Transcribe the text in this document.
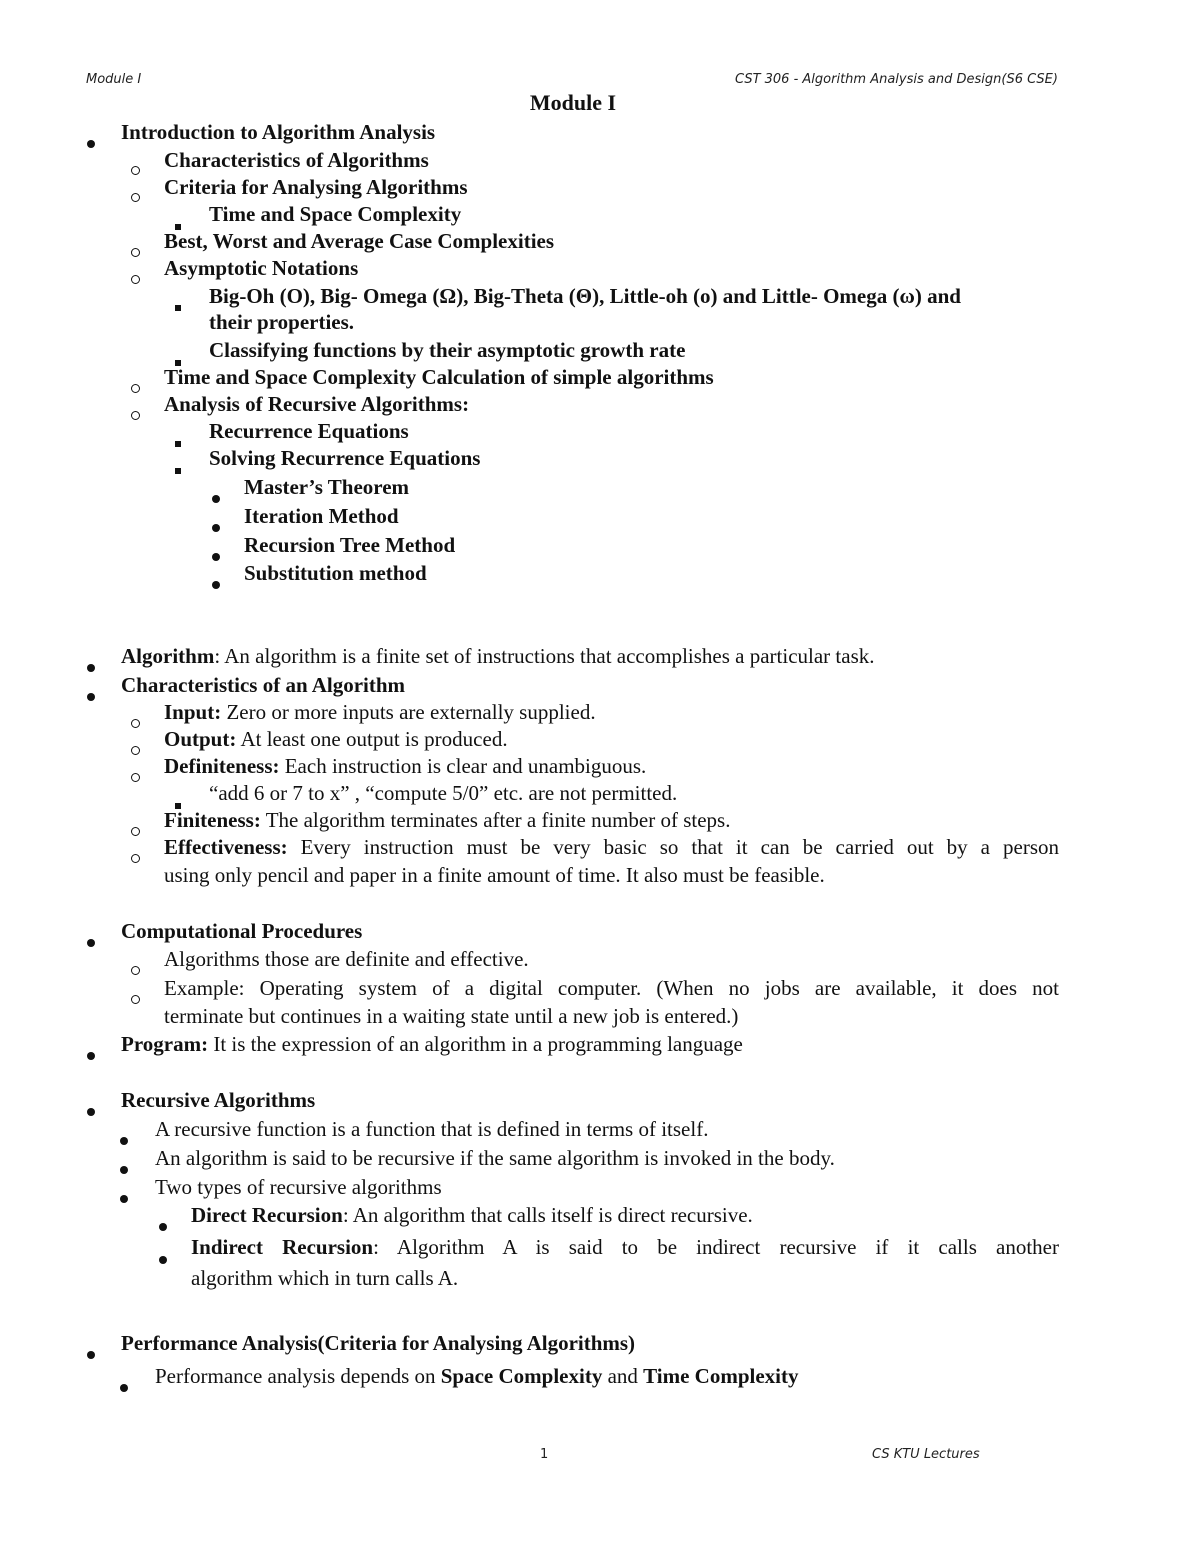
Module I	CST 306 - Algorithm Analysis and Design(S6 CSE)
Module I
Introduction to Algorithm Analysis
Characteristics of Algorithms
Criteria for Analysing Algorithms
Time and Space Complexity
Best, Worst and Average Case Complexities
Asymptotic Notations
Big-Oh (O), Big- Omega (Ω), Big-Theta (Θ), Little-oh (o) and Little- Omega (ω) and
their properties.
Classifying functions by their asymptotic growth rate
Time and Space Complexity Calculation of simple algorithms
Analysis of Recursive Algorithms:
Recurrence Equations
Solving Recurrence Equations
Master’s Theorem
Iteration Method
Recursion Tree Method
Substitution method
Algorithm: An algorithm is a finite set of instructions that accomplishes a particular task.
Characteristics of an Algorithm
Input: Zero or more inputs are externally supplied.
Output: At least one output is produced.
Definiteness: Each instruction is clear and unambiguous.
“add 6 or 7 to x” , “compute 5/0” etc. are not permitted.
Finiteness: The algorithm terminates after a finite number of steps.
Effectiveness: Every instruction must be very basic so that it can be carried out by a person
using only pencil and paper in a finite amount of time. It also must be feasible.
Computational Procedures
Algorithms those are definite and effective.
Example: Operating system of a digital computer. (When no jobs are available, it does not
terminate but continues in a waiting state until a new job is entered.)
Program: It is the expression of an algorithm in a programming language
Recursive Algorithms
A recursive function is a function that is defined in terms of itself.
An algorithm is said to be recursive if the same algorithm is invoked in the body.
Two types of recursive algorithms
Direct Recursion: An algorithm that calls itself is direct recursive.
Indirect Recursion: Algorithm A is said to be indirect recursive if it calls another
algorithm which in turn calls A.
Performance Analysis(Criteria for Analysing Algorithms)
Performance analysis depends on Space Complexity and Time Complexity
1	CS KTU Lectures
